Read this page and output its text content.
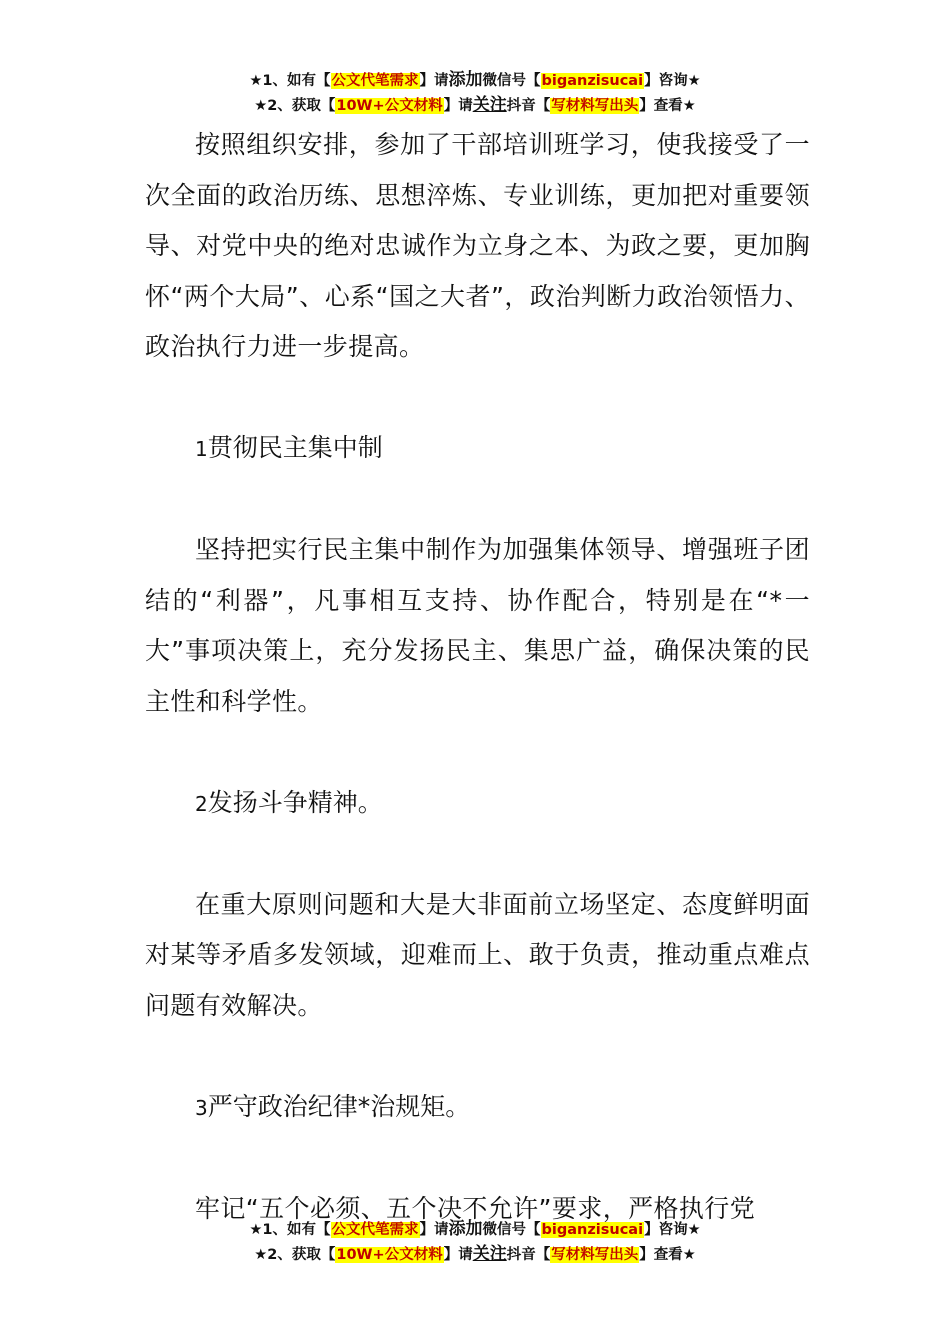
★1、如有【公文代笔需求】请添加微信号【biganzisucai】咨询★
★2、获取【10W+公文材料】请关注抖音【写材料写出头】查看★

按照组织安排，参加了干部培训班学习，使我接受了一次全面的政治历练、思想淬炼、专业训练，更加把对重要领导、对党中央的绝对忠诚作为立身之本、为政之要，更加胸怀“两个大局”、心系“国之大者”，政治判断力政治领悟力、政治执行力进一步提高。

1贯彻民主集中制

坚持把实行民主集中制作为加强集体领导、增强班子团结的“利器”，凡事相互支持、协作配合，特别是在“*一大”事项决策上，充分发扬民主、集思广益，确保决策的民主性和科学性。

2发扬斗争精神。

在重大原则问题和大是大非面前立场坚定、态度鲜明面对某等矛盾多发领域，迎难而上、敢于负责，推动重点难点问题有效解决。

3严守政治纪律*治规矩。

牢记“五个必须、五个决不允许”要求，严格执行党

★1、如有【公文代笔需求】请添加微信号【biganzisucai】咨询★
★2、获取【10W+公文材料】请关注抖音【写材料写出头】查看★
